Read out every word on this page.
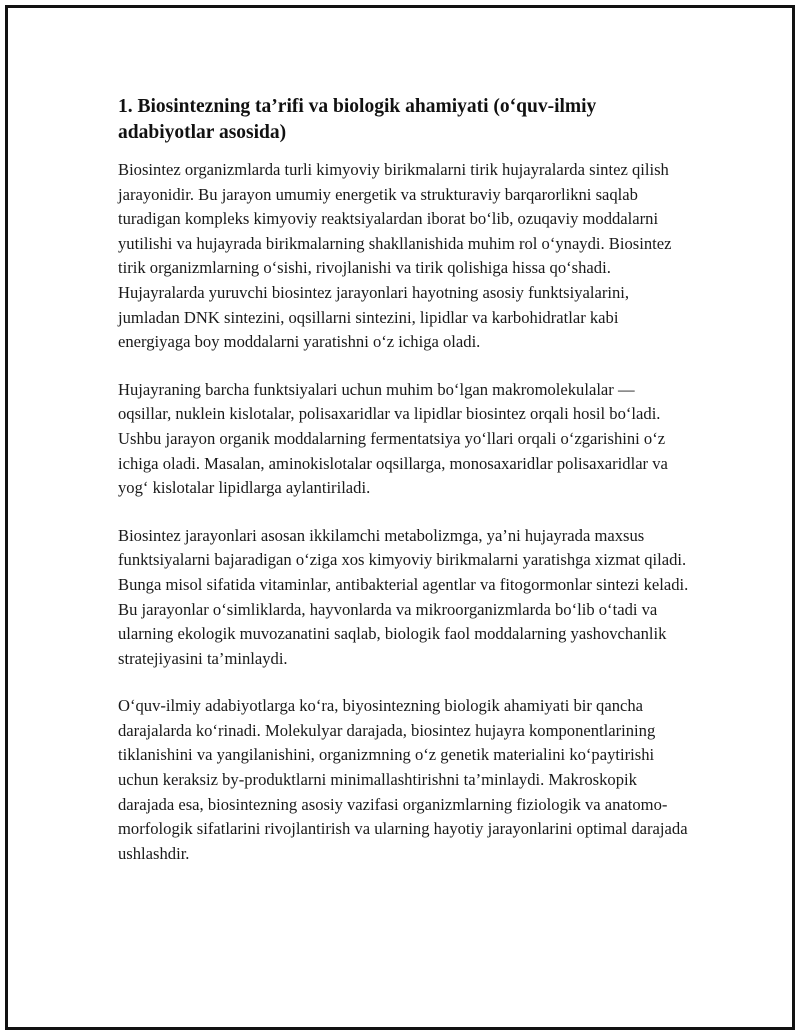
1. Biosintezning ta’rifi va biologik ahamiyati (o‘quv-ilmiy adabiyotlar asosida)

Biosintez organizmlarda turli kimyoviy birikmalarni tirik hujayralarda sintez qilish jarayonidir. Bu jarayon umumiy energetik va strukturaviy barqarorlikni saqlab turadigan kompleks kimyoviy reaktsiyalardan iborat bo‘lib, ozuqaviy moddalarni yutilishi va hujayrada birikmalarning shakllanishida muhim rol o‘ynaydi. Biosintez tirik organizmlarning o‘sishi, rivojlanishi va tirik qolishiga hissa qo‘shadi. Hujayralarda yuruvchi biosintez jarayonlari hayotning asosiy funktsiyalarini, jumladan DNK sintezini, oqsillarni sintezini, lipidlar va karbohidratlar kabi energiyaga boy moddalarni yaratishni o‘z ichiga oladi.

Hujayraning barcha funktsiyalari uchun muhim bo‘lgan makromolekulalar — oqsillar, nuklein kislotalar, polisaxaridlar va lipidlar biosintez orqali hosil bo‘ladi. Ushbu jarayon organik moddalarning fermentatsiya yo‘llari orqali o‘zgarishini o‘z ichiga oladi. Masalan, aminokislotalar oqsillarga, monosaxaridlar polisaxaridlar va yog‘ kislotalar lipidlarga aylantiriladi.

Biosintez jarayonlari asosan ikkilamchi metabolizmga, ya’ni hujayrada maxsus funktsiyalarni bajaradigan o‘ziga xos kimyoviy birikmalarni yaratishga xizmat qiladi. Bunga misol sifatida vitaminlar, antibakterial agentlar va fitogormonlar sintezi keladi. Bu jarayonlar o‘simliklarda, hayvonlarda va mikroorganizmlarda bo‘lib o‘tadi va ularning ekologik muvozanatini saqlab, biologik faol moddalarning yashovchanlik stratejiyasini ta’minlaydi.

O‘quv-ilmiy adabiyotlarga ko‘ra, biyosintezning biologik ahamiyati bir qancha darajalarda ko‘rinadi. Molekulyar darajada, biosintez hujayra komponentlarining tiklanishini va yangilanishini, organizmning o‘z genetik materialini ko‘paytirishi uchun keraksiz by-produktlarni minimallashtirishni ta’minlaydi. Makroskopik darajada esa, biosintezning asosiy vazifasi organizmlarning fiziologik va anatomo-morfologik sifatlarini rivojlantirish va ularning hayotiy jarayonlarini optimal darajada ushlashdir.
